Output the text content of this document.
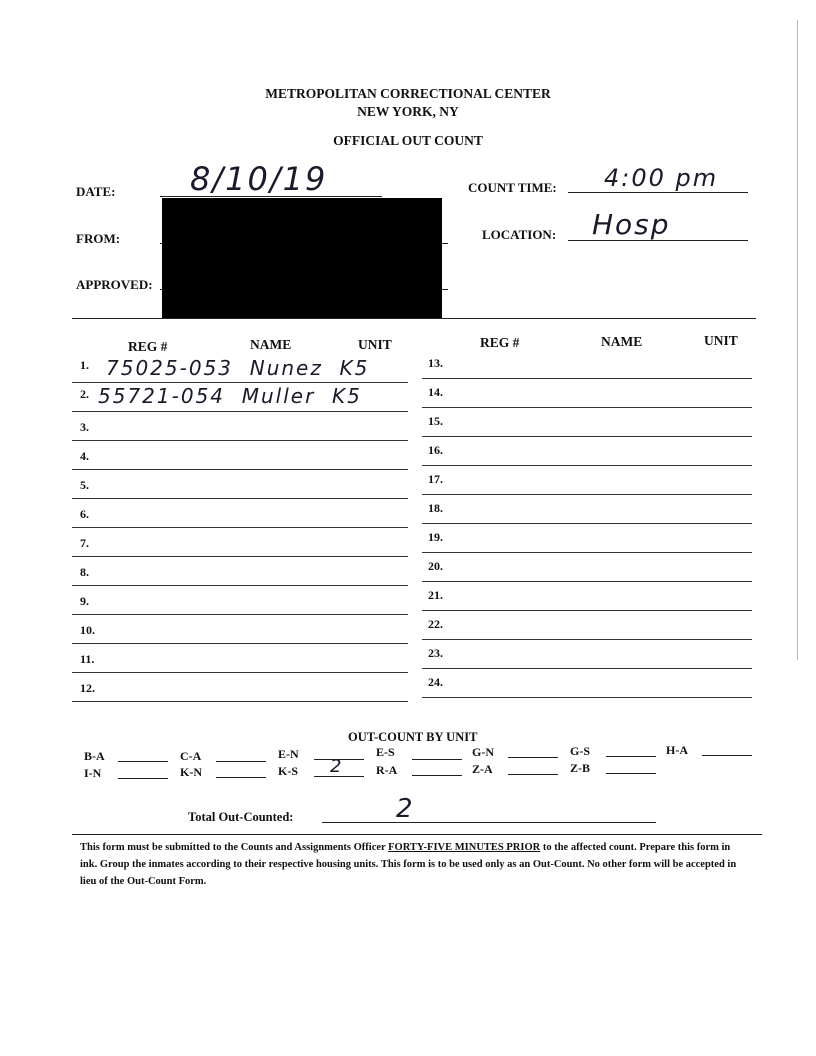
METROPOLITAN CORRECTIONAL CENTER
NEW YORK, NY
OFFICIAL OUT COUNT
DATE: 8/10/19
FROM:
APPROVED:
COUNT TIME: 4:00 pm
LOCATION: Hosp
REG #	NAME	UNIT	REG #	NAME	UNIT
1. 75025-053  Nunez  K5
2. 55721-054  Muller  K5
3.
4.
5.
6.
7.
8.
9.
10.
11.
12.
13.
14.
15.
16.
17.
18.
19.
20.
21.
22.
23.
24.
OUT-COUNT BY UNIT
B-A	C-A	E-N	E-S	G-N	G-S	H-A
I-N	K-N	K-S 2	R-A	Z-A	Z-B
Total Out-Counted:	2
This form must be submitted to the Counts and Assignments Officer FORTY-FIVE MINUTES PRIOR to the affected count. Prepare this form in ink. Group the inmates according to their respective housing units. This form is to be used only as an Out-Count. No other form will be accepted in lieu of the Out-Count Form.
